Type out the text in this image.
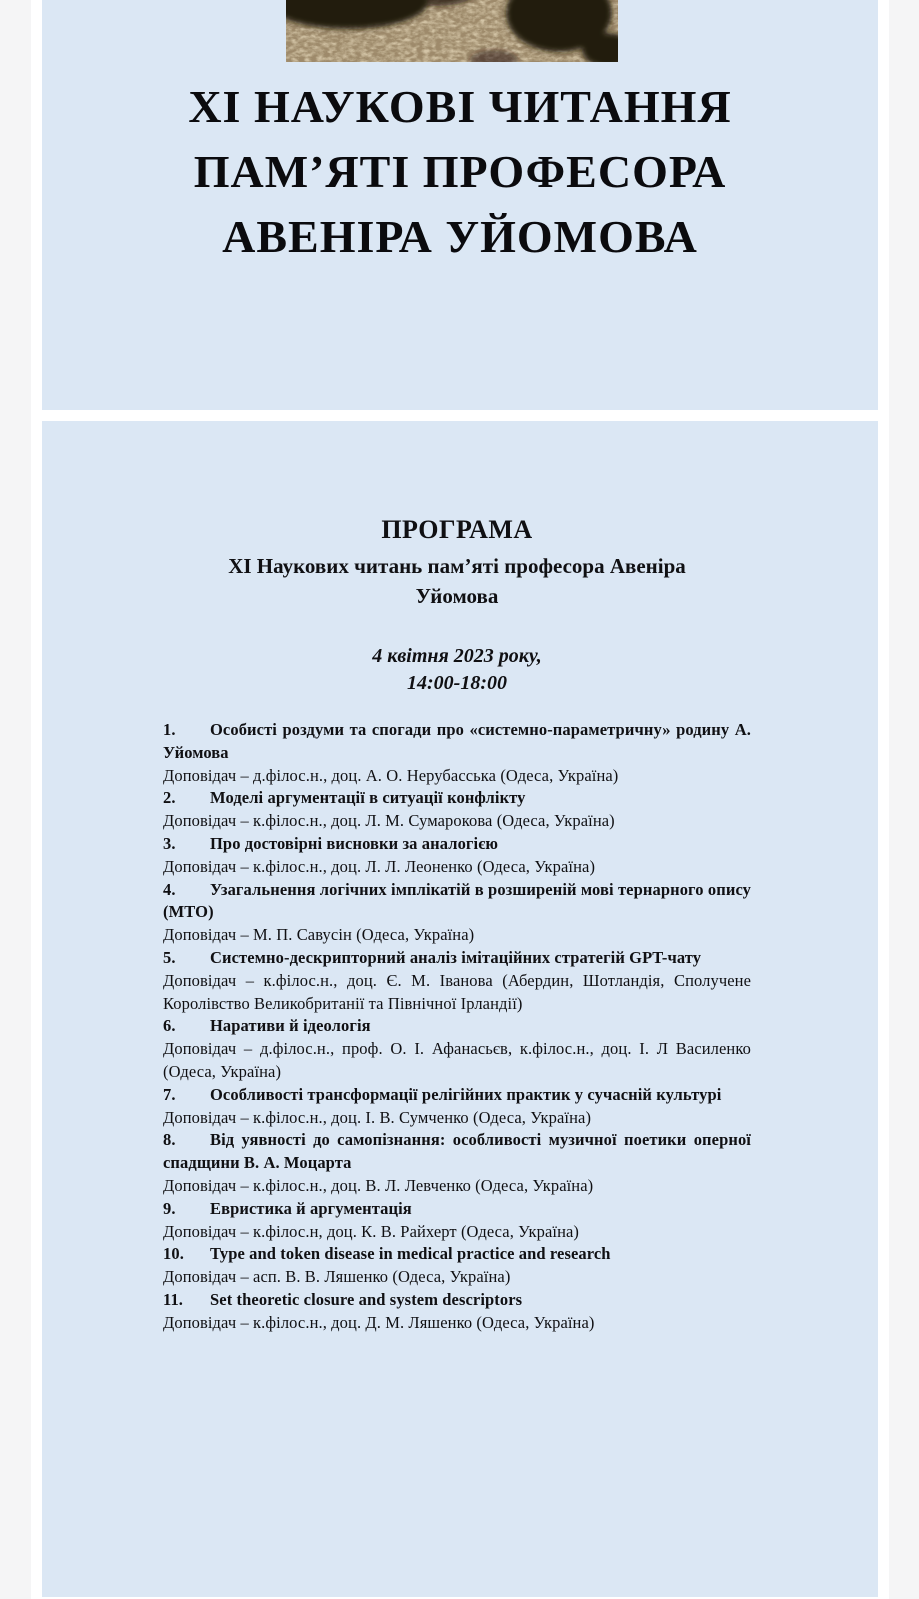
ХІ НАУКОВІ ЧИТАННЯ
ПАМ’ЯТІ ПРОФЕСОРА
АВЕНІРА УЙОМОВА
ПРОГРАМА
ХІ Наукових читань пам’яті професора Авеніра
Уйомова
4 квітня 2023 року,
14:00-18:00

1. Особисті роздуми та спогади про «системно-параметричну» родину А. Уйомова

Доповідач – д.філос.н., доц. А. О. Нерубасська (Одеса, Україна)

2. Моделі аргументації в ситуації конфлікту

Доповідач – к.філос.н., доц. Л. М. Сумарокова (Одеса, Україна)

3. Про достовірні висновки за аналогією

Доповідач – к.філос.н., доц. Л. Л. Леоненко (Одеса, Україна)

4. Узагальнення логічних імплікатій в розширеній мові тернарного опису (МТО)

Доповідач – М. П. Савусін (Одеса, Україна)

5. Системно-дескрипторний аналіз імітаційних стратегій GPT-чату

Доповідач – к.філос.н., доц. Є. М. Іванова (Абердин, Шотландія, Сполучене Королівство Великобританії та Північної Ірландії)

6. Наративи й ідеологія

Доповідач – д.філос.н., проф. О. І. Афанасьєв, к.філос.н., доц. І. Л Василенко (Одеса, Україна)

7. Особливості трансформації релігійних практик у сучасній культурі

Доповідач – к.філос.н., доц. І. В. Сумченко (Одеса, Україна)

8. Від уявності до самопізнання: особливості музичної поетики оперної спадщини В. А. Моцарта

Доповідач – к.філос.н., доц. В. Л. Левченко (Одеса, Україна)

9. Евристика й аргументація

Доповідач – к.філос.н, доц. К. В. Райхерт (Одеса, Україна)

10. Type and token disease in medical practice and research

Доповідач – асп. В. В. Ляшенко (Одеса, Україна)

11. Set theoretic closure and system descriptors

Доповідач – к.філос.н., доц. Д. М. Ляшенко (Одеса, Україна)
